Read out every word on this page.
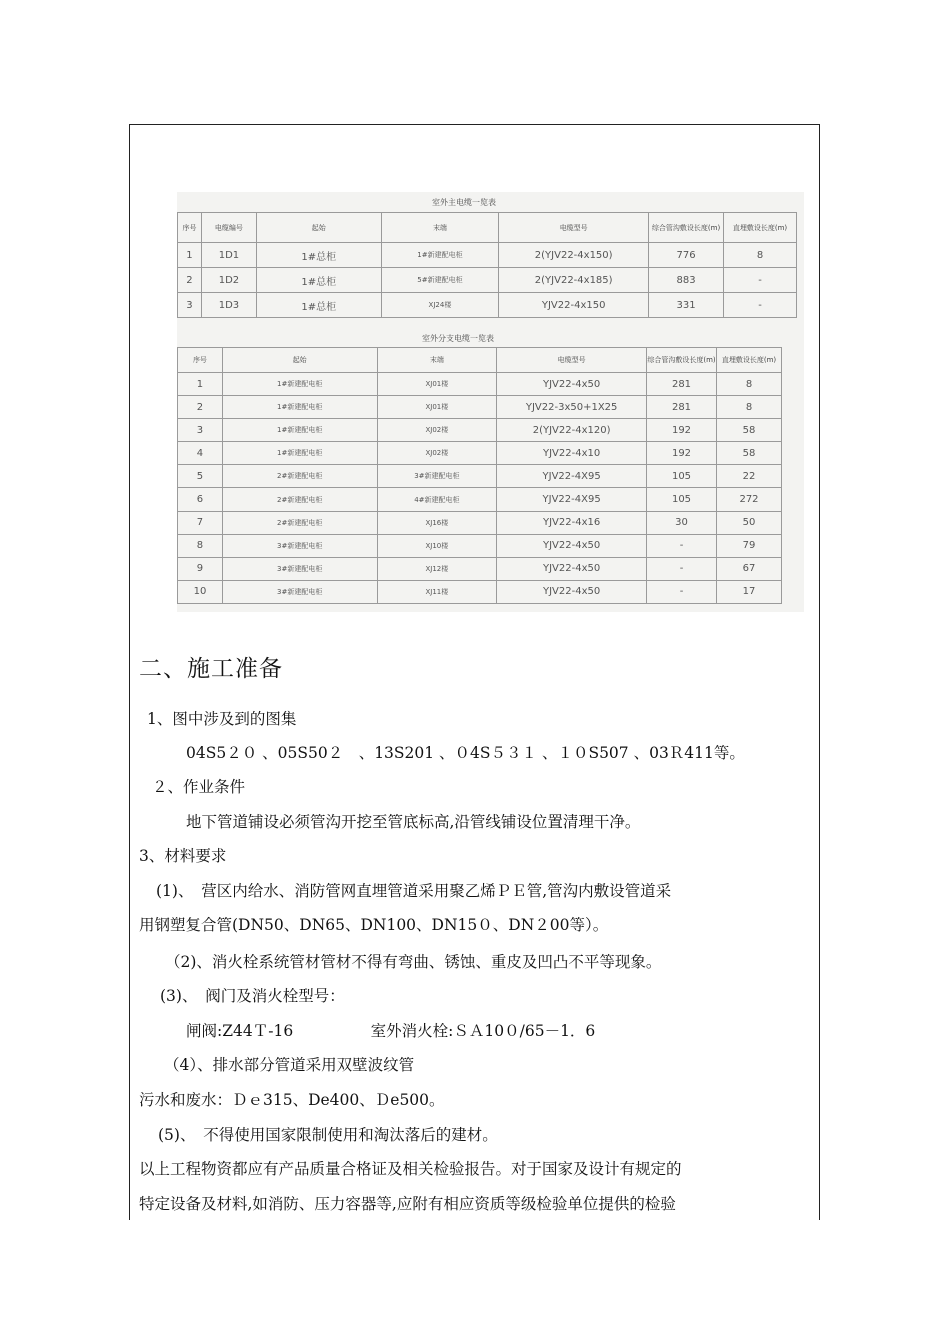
室外主电缆一览表
序号	电缆编号	起始	末端	电缆型号	综合管沟敷设长度(m)	直埋敷设长度(m)
1	1D1	1#总柜	1#新建配电柜	2(YJV22-4x150)	776	8
2	1D2	1#总柜	5#新建配电柜	2(YJV22-4x185)	883	-
3	1D3	1#总柜	XJ24楼	YJV22-4x150	331	-
室外分支电缆一览表
序号	起始	末端	电缆型号	综合管沟敷设长度(m)	直埋敷设长度(m)
1	1#新建配电柜	XJ01楼	YJV22-4x50	281	8
2	1#新建配电柜	XJ01楼	YJV22-3x50+1X25	281	8
3	1#新建配电柜	XJ02楼	2(YJV22-4x120)	192	58
4	1#新建配电柜	XJ02楼	YJV22-4x10	192	58
5	2#新建配电柜	3#新建配电柜	YJV22-4X95	105	22
6	2#新建配电柜	4#新建配电柜	YJV22-4X95	105	272
7	2#新建配电柜	XJ16楼	YJV22-4x16	30	50
8	3#新建配电柜	XJ10楼	YJV22-4x50	-	79
9	3#新建配电柜	XJ12楼	YJV22-4x50	-	67
10	3#新建配电柜	XJ11楼	YJV22-4x50	-	17
二、施工准备
1、图中涉及到的图集
04S5２０ 、05S50２　、13S201 、０4S５３１ 、１０S507 、03Ｒ411等。
２、作业条件
地下管道铺设必须管沟开挖至管底标高,沿管线铺设位置清理干净。
3、材料要求
(1)、　营区内给水、消防管网直埋管道采用聚乙烯ＰＥ管,管沟内敷设管道采
用钢塑复合管(DN50、DN65、DN100、DN15０、DN２00等）。
（2)、消火栓系统管材管材不得有弯曲、锈蚀、重皮及凹凸不平等现象。
(3)、　阀门及消火栓型号：
闸阀:Z44Ｔ-16　　　　　室外消火栓:ＳＡ10０/65－1．6
（4）、排水部分管道采用双壁波纹管
污水和废水：Ｄｅ315、De400、Ｄe500。
(5)、　不得使用国家限制使用和淘汰落后的建材。
以上工程物资都应有产品质量合格证及相关检验报告。对于国家及设计有规定的
特定设备及材料,如消防、压力容器等,应附有相应资质等级检验单位提供的检验
